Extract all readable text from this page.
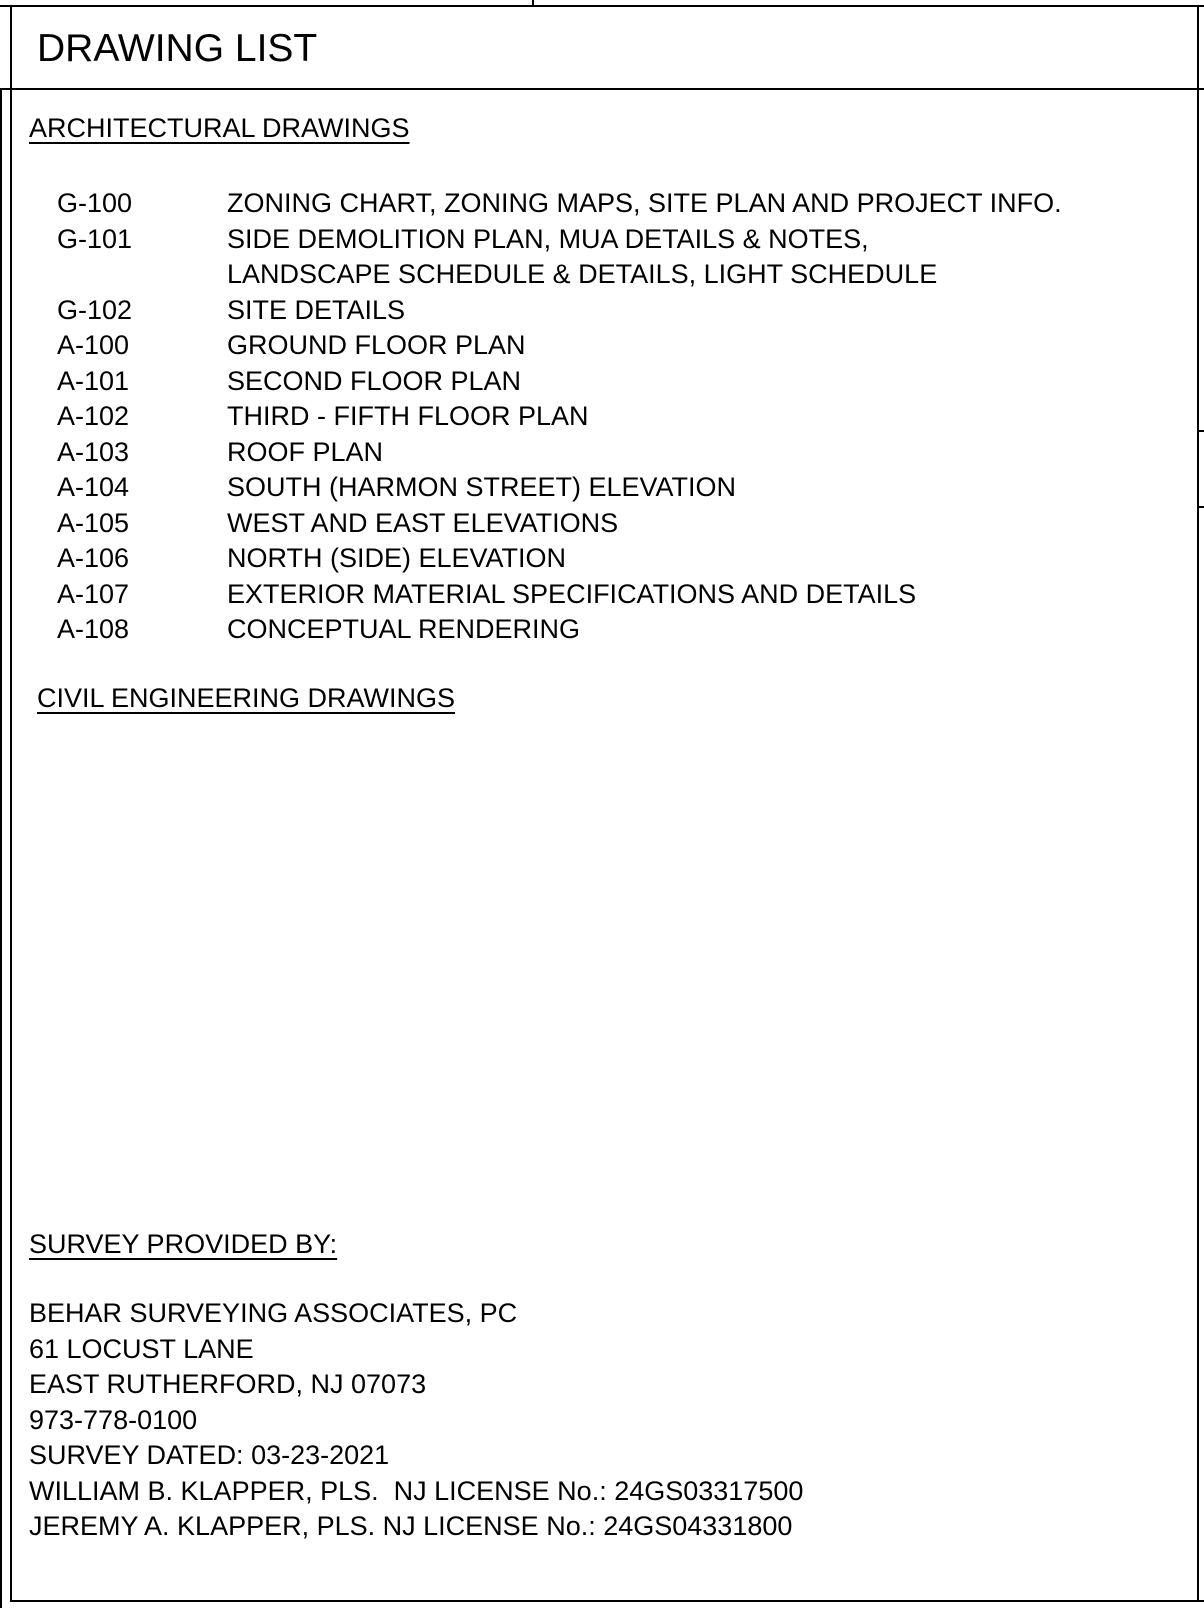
DRAWING LIST
ARCHITECTURAL DRAWINGS
G-100	ZONING CHART, ZONING MAPS, SITE PLAN AND PROJECT INFO.
G-101	SIDE DEMOLITION PLAN, MUA DETAILS & NOTES,
LANDSCAPE SCHEDULE & DETAILS, LIGHT SCHEDULE
G-102	SITE DETAILS
A-100	GROUND FLOOR PLAN
A-101	SECOND FLOOR PLAN
A-102	THIRD - FIFTH FLOOR PLAN
A-103	ROOF PLAN
A-104	SOUTH (HARMON STREET) ELEVATION
A-105	WEST AND EAST ELEVATIONS
A-106	NORTH (SIDE) ELEVATION
A-107	EXTERIOR MATERIAL SPECIFICATIONS AND DETAILS
A-108	CONCEPTUAL RENDERING
CIVIL ENGINEERING DRAWINGS
SURVEY PROVIDED BY:
BEHAR SURVEYING ASSOCIATES, PC
61 LOCUST LANE
EAST RUTHERFORD, NJ 07073
973-778-0100
SURVEY DATED: 03-23-2021
WILLIAM B. KLAPPER, PLS.  NJ LICENSE No.: 24GS03317500
JEREMY A. KLAPPER, PLS. NJ LICENSE No.: 24GS04331800
